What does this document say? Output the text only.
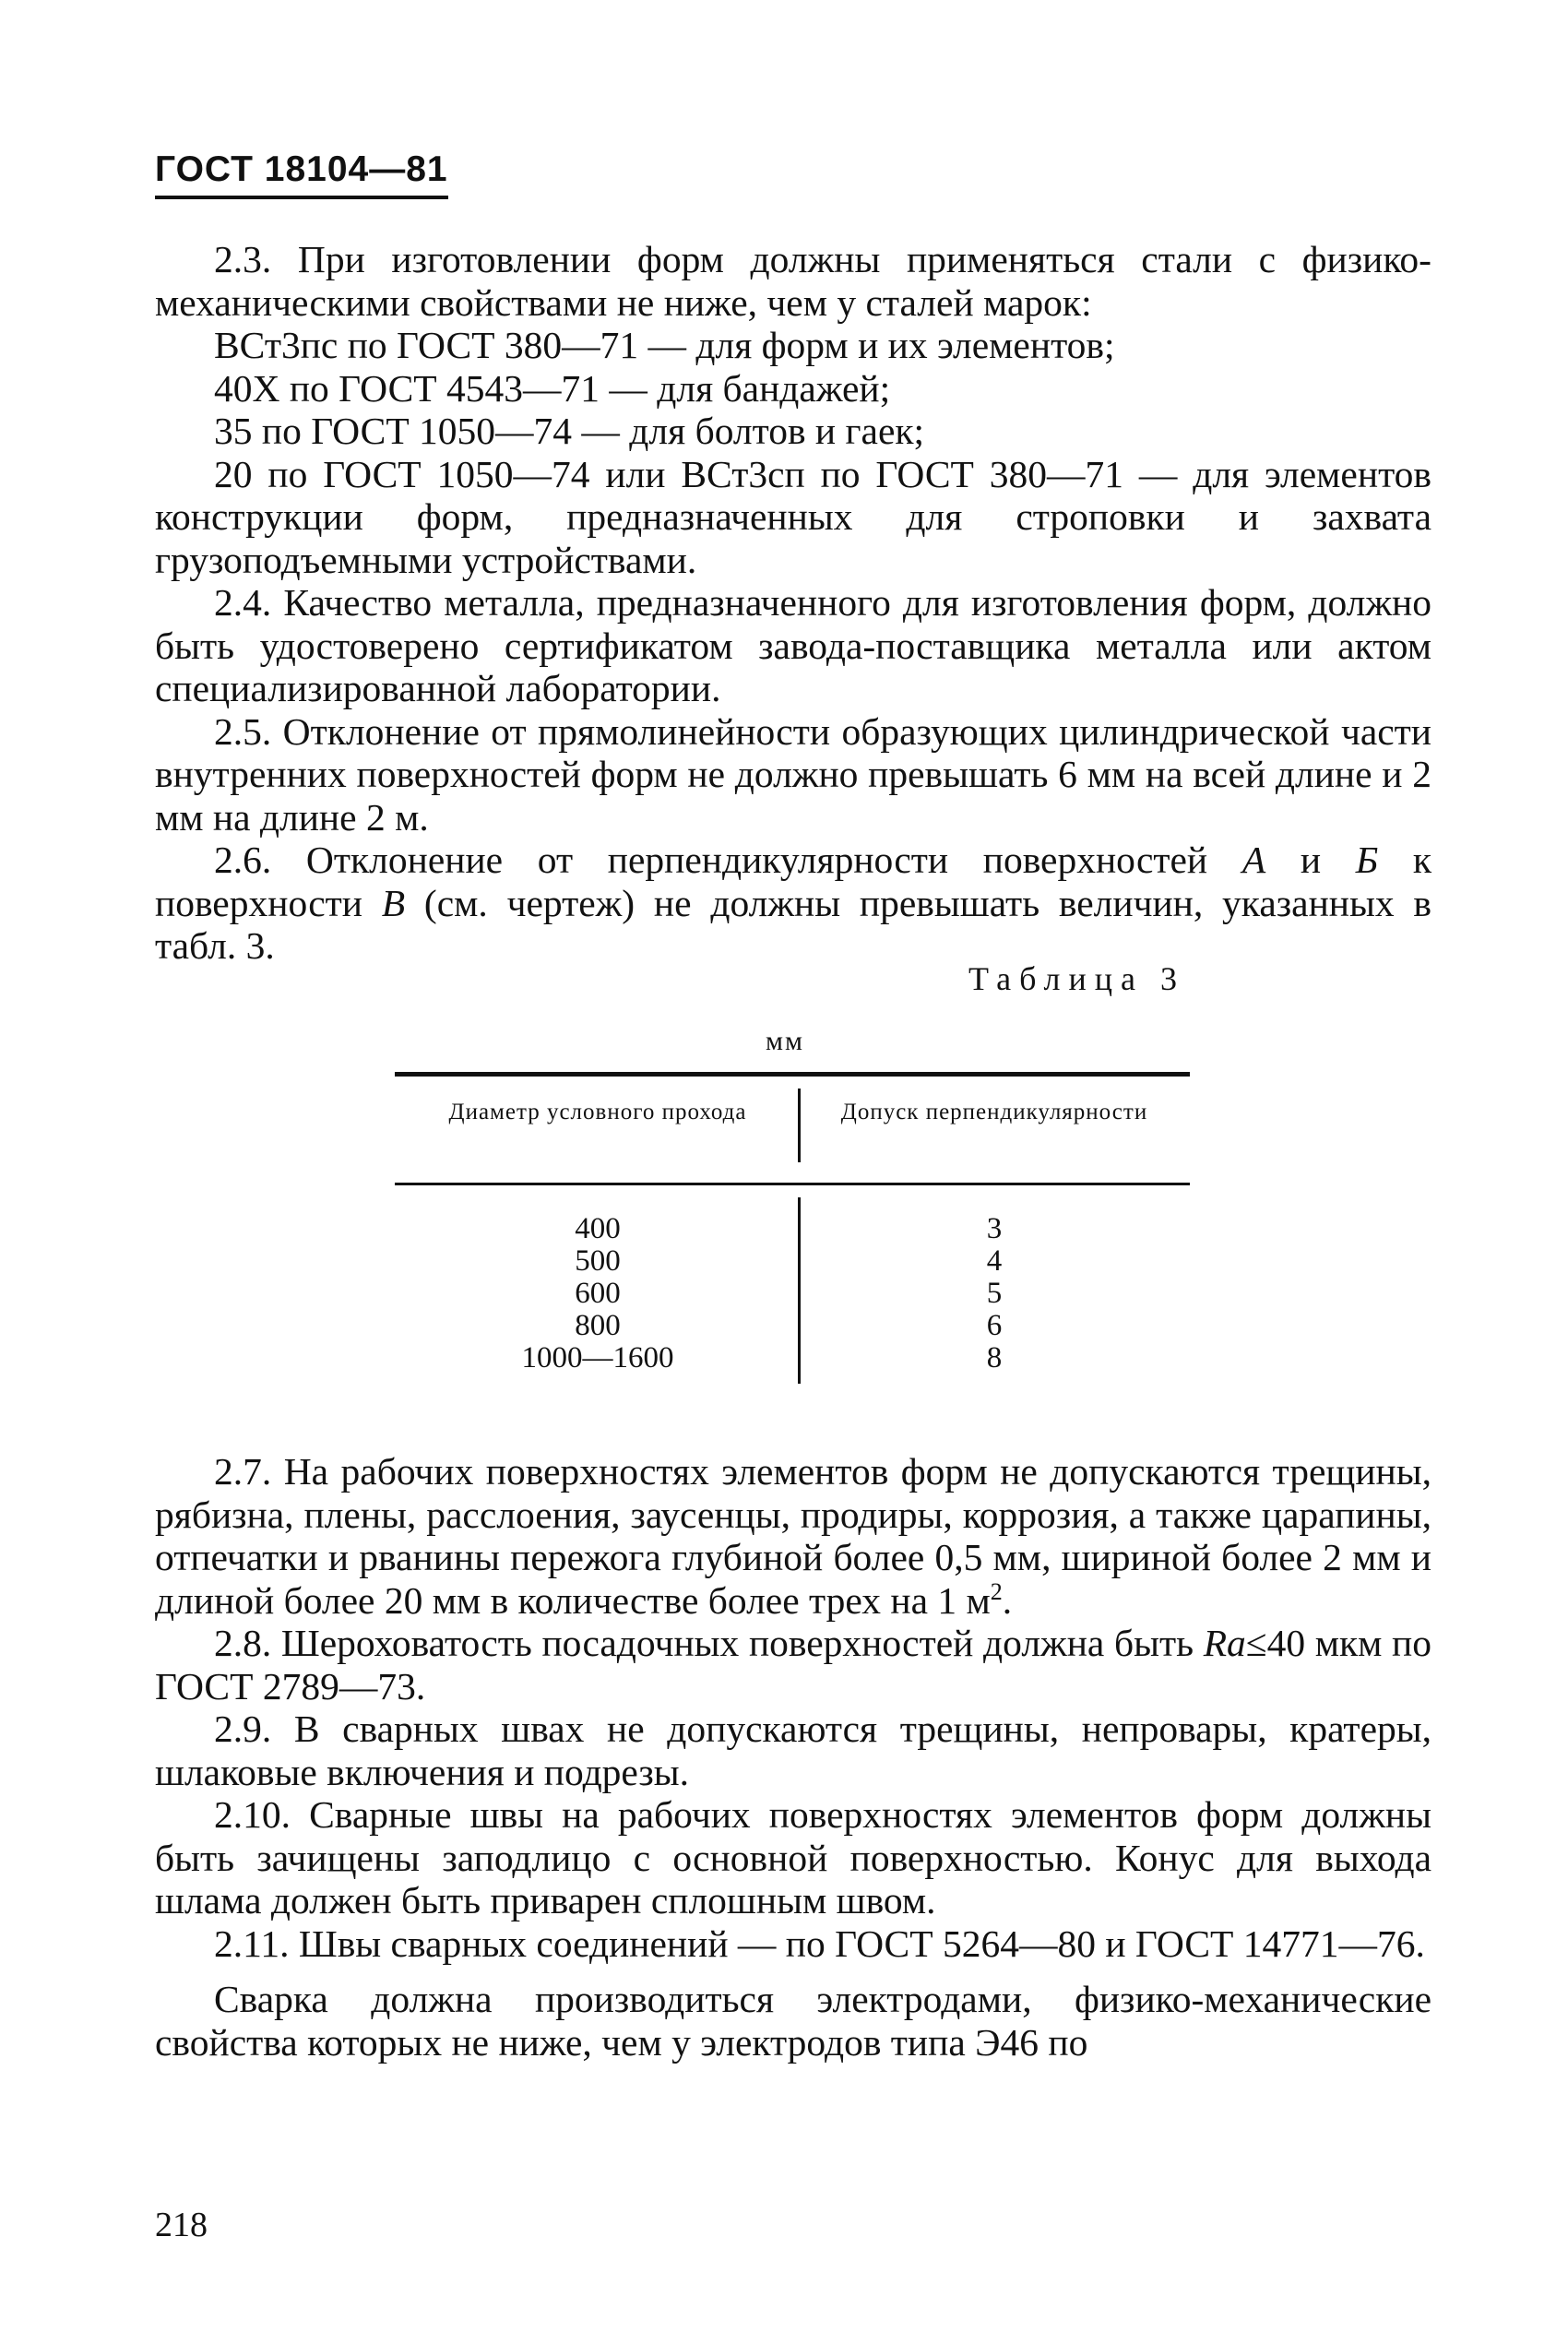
ГОСТ 18104—81

2.3. При изготовлении форм должны применяться стали с физико-механическими свойствами не ниже, чем у сталей марок:

ВСт3пс по ГОСТ 380—71 — для форм и их элементов;

40Х по ГОСТ 4543—71 — для бандажей;

35 по ГОСТ 1050—74 — для болтов и гаек;

20 по ГОСТ 1050—74 или ВСт3сп по ГОСТ 380—71 — для элементов конструкции форм, предназначенных для строповки и захвата грузоподъемными устройствами.

2.4. Качество металла, предназначенного для изготовления форм, должно быть удостоверено сертификатом завода-поставщика металла или актом специализированной лаборатории.

2.5. Отклонение от прямолинейности образующих цилиндрической части внутренних поверхностей форм не должно превышать 6 мм на всей длине и 2 мм на длине 2 м.

2.6. Отклонение от перпендикулярности поверхностей А и Б к поверхности В (см. чертеж) не должны превышать величин, указанных в табл. 3.

Таблица 3
мм
Диаметр условного прохода	Допуск перпендикулярности
400
500
600
800
1000—1600
3
4
5
6
8

2.7. На рабочих поверхностях элементов форм не допускаются трещины, рябизна, плены, расслоения, заусенцы, продиры, коррозия, а также царапины, отпечатки и рванины пережога глубиной более 0,5 мм, шириной более 2 мм и длиной более 20 мм в количестве более трех на 1 $м^2$.

2.8. Шероховатость посадочных поверхностей должна быть Ra≤40 мкм по ГОСТ 2789—73.

2.9. В сварных швах не допускаются трещины, непровары, кратеры, шлаковые включения и подрезы.

2.10. Сварные швы на рабочих поверхностях элементов форм должны быть зачищены заподлицо с основной поверхностью. Конус для выхода шлама должен быть приварен сплошным швом.

2.11. Швы сварных соединений — по ГОСТ 5264—80 и ГОСТ 14771—76.

Сварка должна производиться электродами, физико-механические свойства которых не ниже, чем у электродов типа Э46 по

218
